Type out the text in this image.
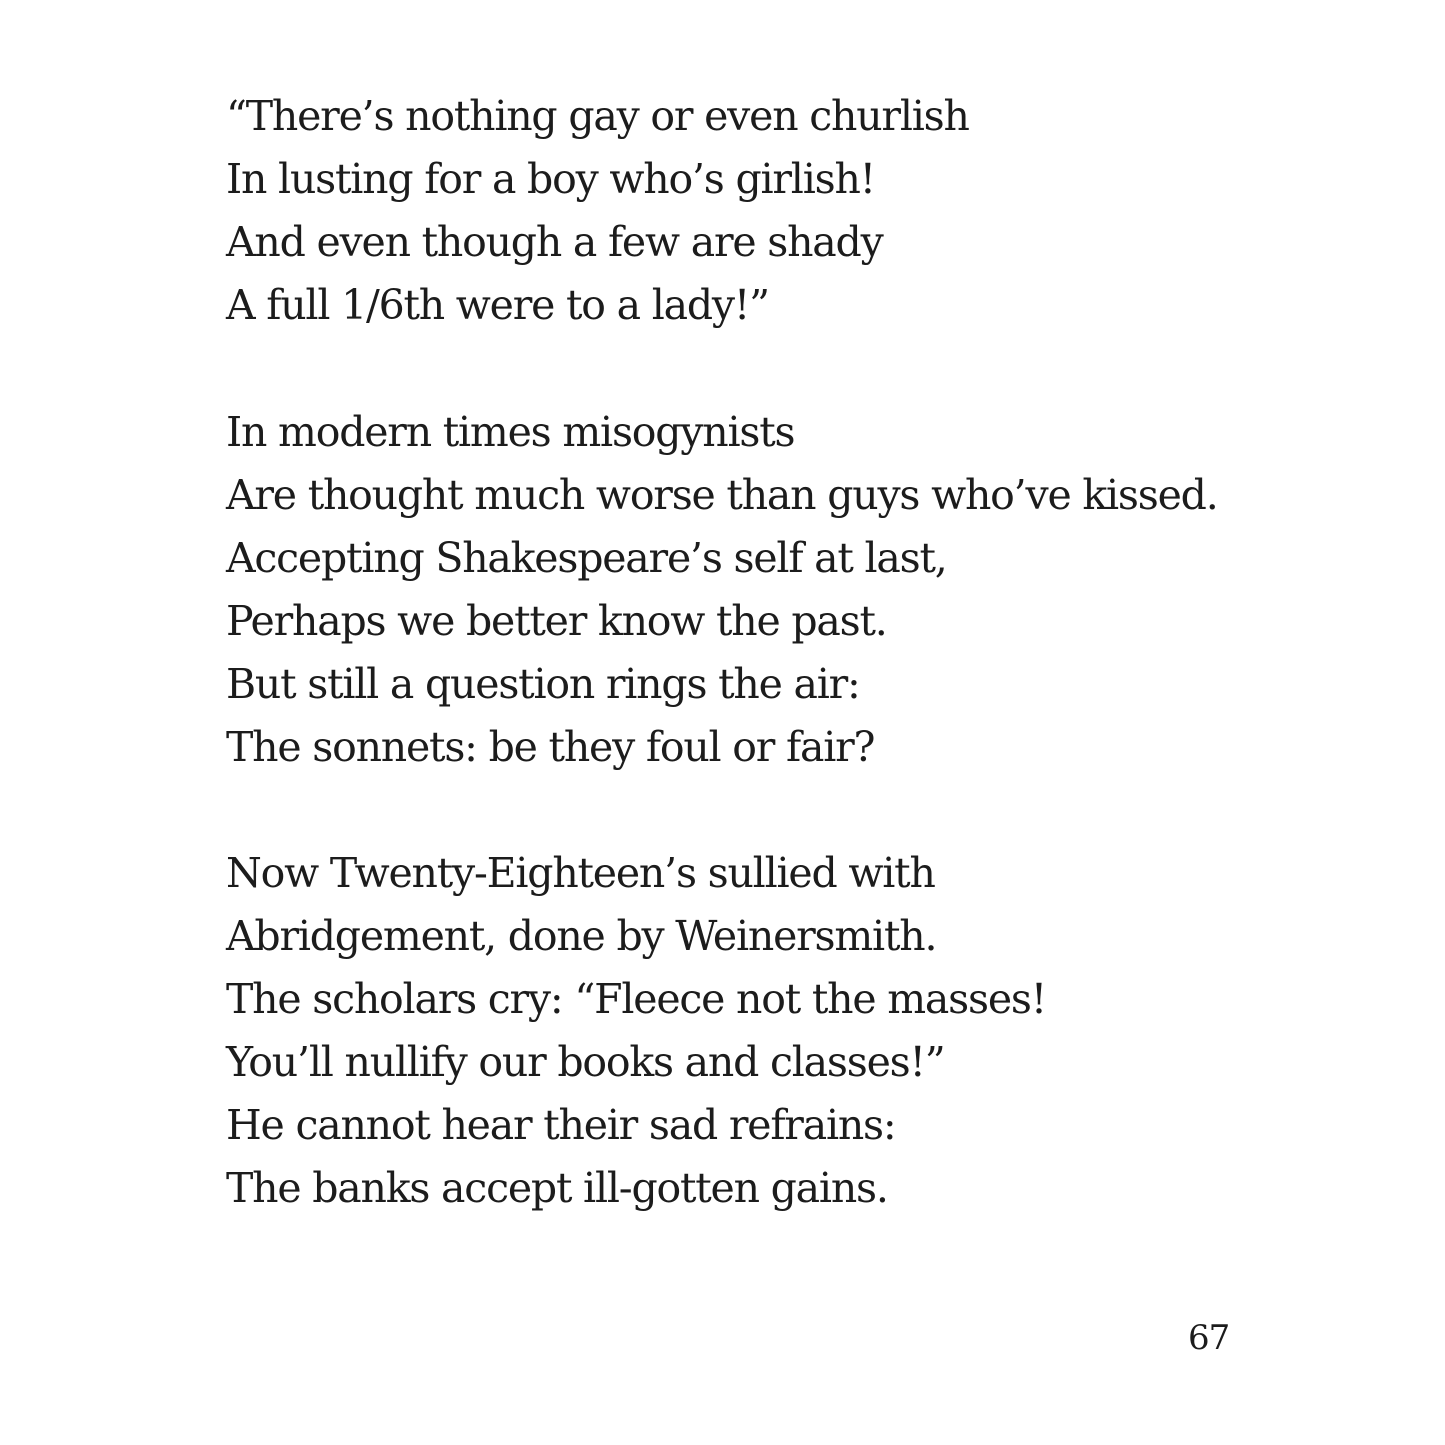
“There’s nothing gay or even churlish
In lusting for a boy who’s girlish!
And even though a few are shady
A full 1/6th were to a lady!”
In modern times misogynists
Are thought much worse than guys who’ve kissed.
Accepting Shakespeare’s self at last,
Perhaps we better know the past.
But still a question rings the air:
The sonnets: be they foul or fair?
Now Twenty-Eighteen’s sullied with
Abridgement, done by Weinersmith.
The scholars cry: “Fleece not the masses!
You’ll nullify our books and classes!”
He cannot hear their sad refrains:
The banks accept ill-gotten gains.
67
